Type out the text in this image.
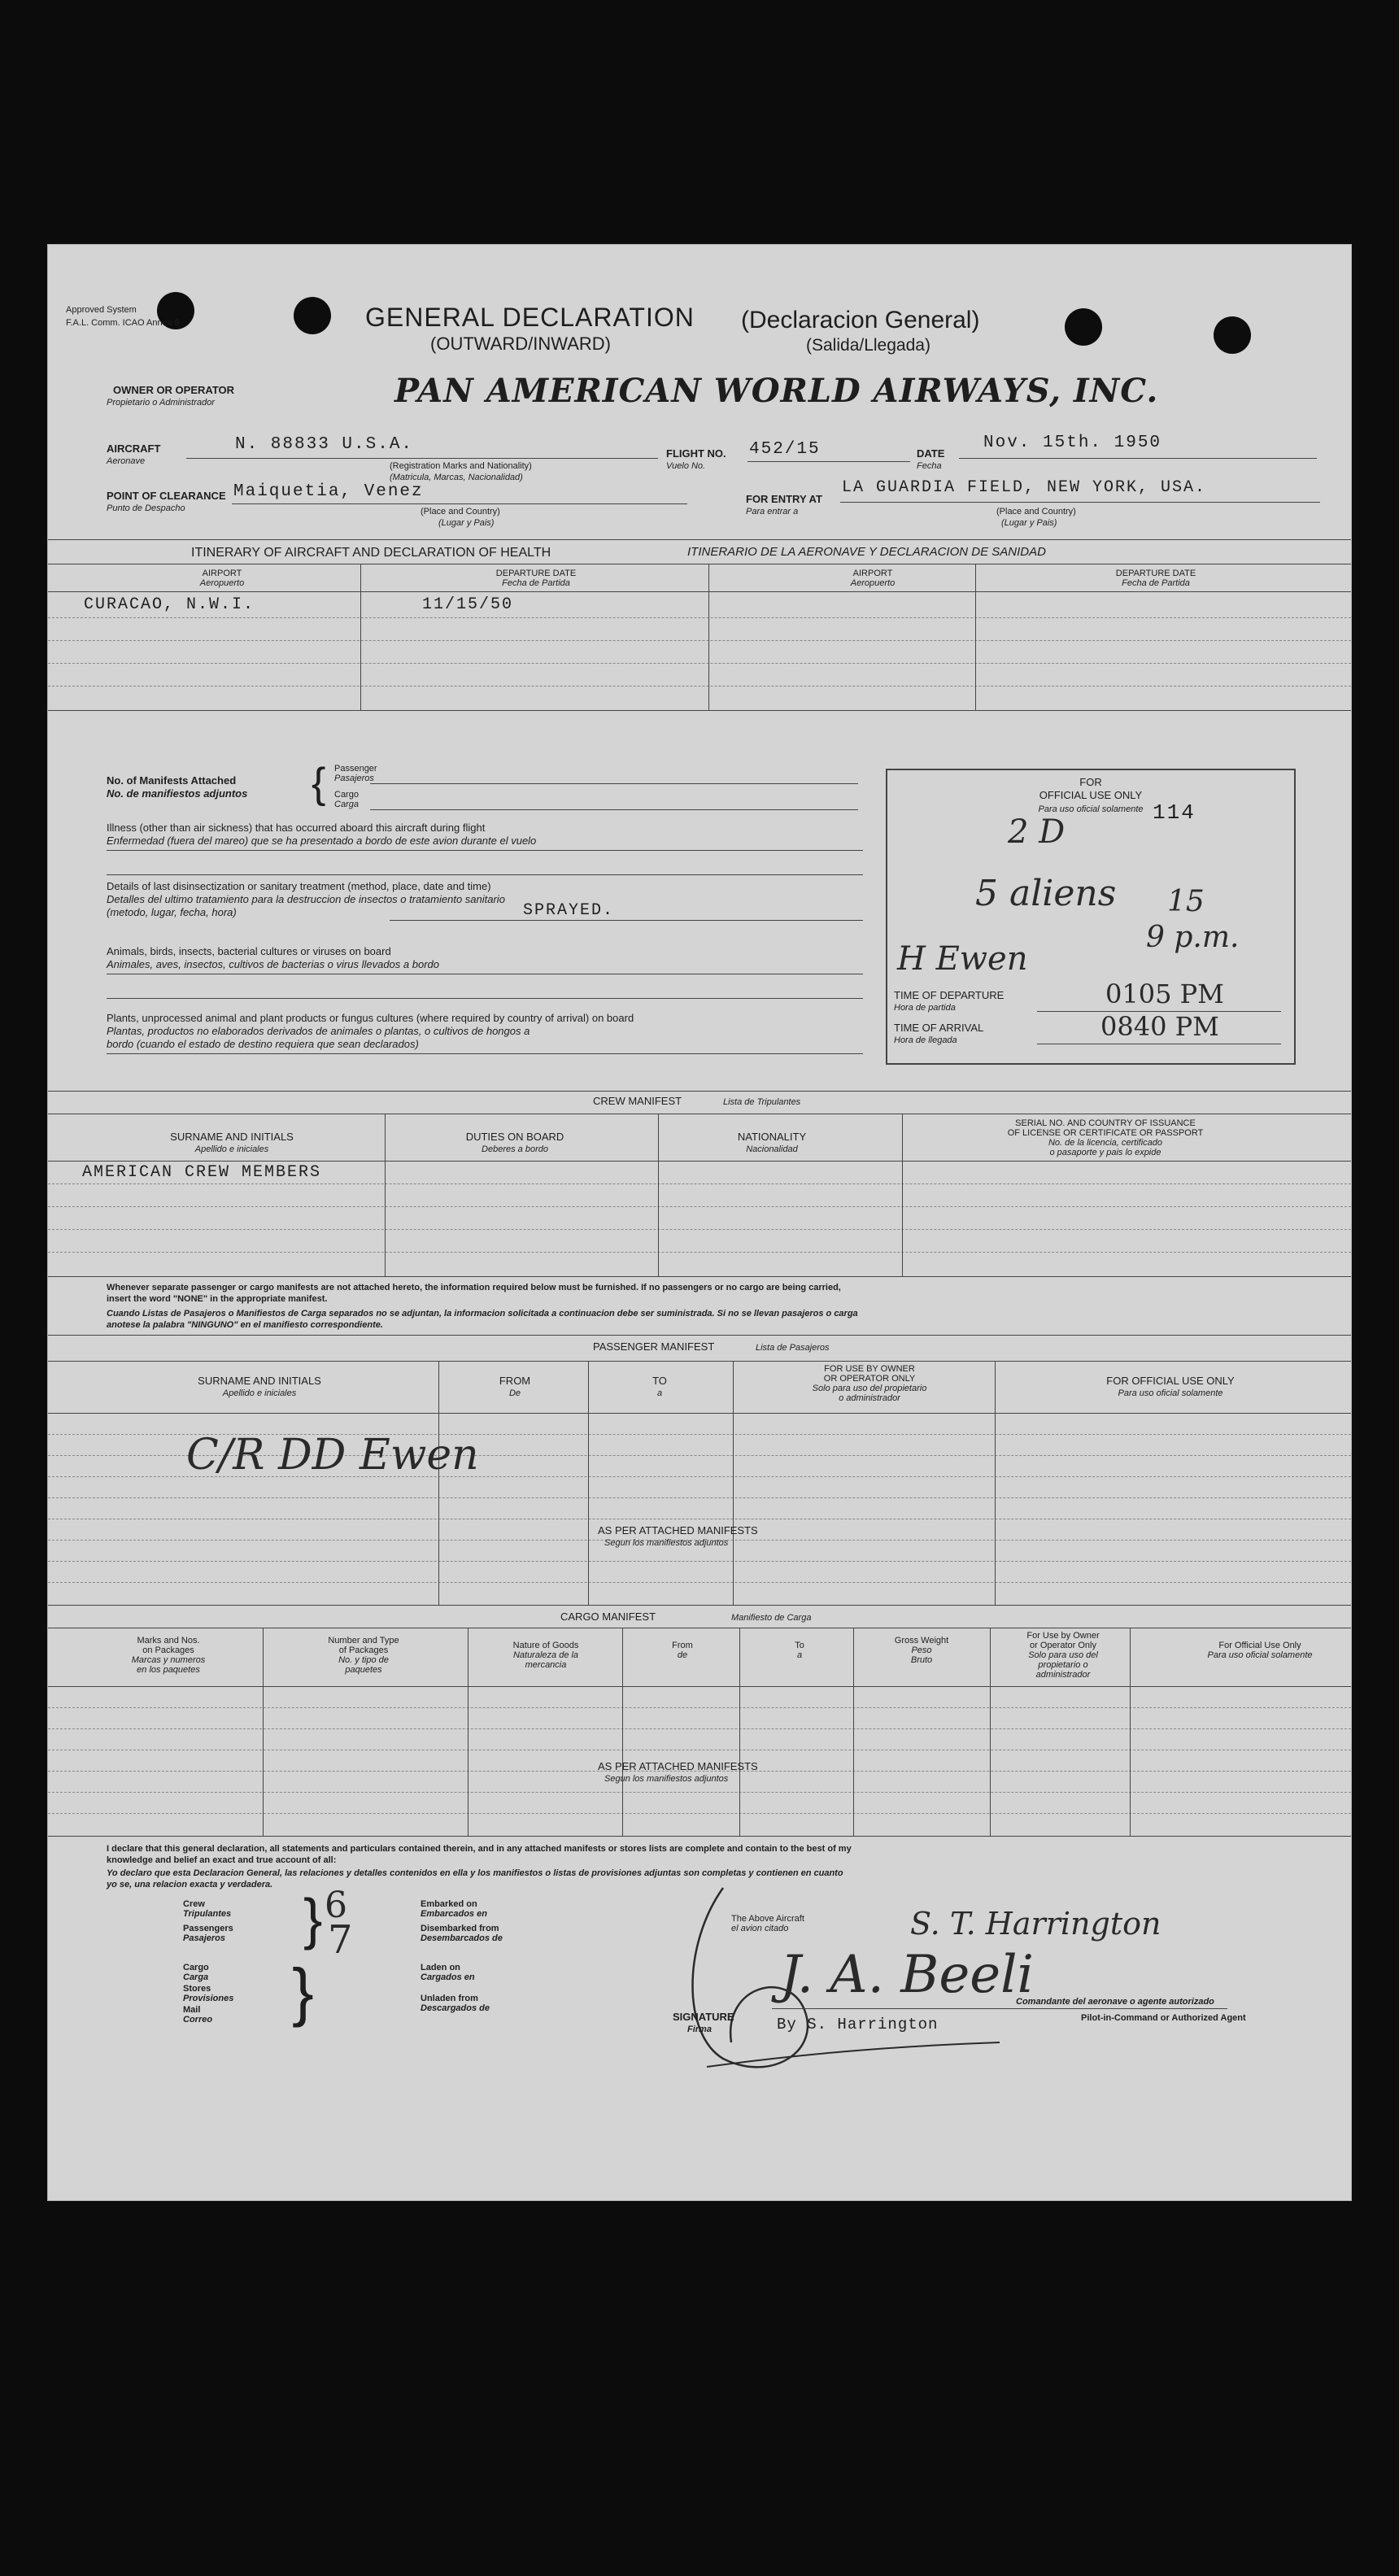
Approved System
F.A.L. Comm. ICAO Annex 9	GENERAL DECLARATION
(OUTWARD/INWARD)
(Declaracion General)
(Salida/Llegada)
OWNER OR OPERATOR
Propietario o Administrador	PAN AMERICAN WORLD AIRWAYS, INC.
AIRCRAFT
Aeronave
N. 88833 U.S.A.
(Registration Marks and Nationality)
(Matricula, Marcas, Nacionalidad)
FLIGHT NO.
Vuelo No.
452/15	DATE
Fecha
Nov. 15th. 1950
POINT OF CLEARANCE
Punto de Despacho
Maiquetia, Venez
(Place and Country)
(Lugar y Pais)
FOR ENTRY AT
Para entrar a
LA GUARDIA FIELD, NEW YORK, USA.
(Place and Country)
(Lugar y Pais)
ITINERARY OF AIRCRAFT AND DECLARATION OF HEALTH	ITINERARIO DE LA AERONAVE Y DECLARACION DE SANIDAD
AIRPORT
Aeropuerto
DEPARTURE DATE
Fecha de Partida
AIRPORT
Aeropuerto
DEPARTURE DATE
Fecha de Partida
CURACAO, N.W.I.	11/15/50
No. of Manifests Attached
No. de manifiestos adjuntos { Passenger
Pasajeros
Cargo
Carga
Illness (other than air sickness) that has occurred aboard this aircraft during flight
Enfermedad (fuera del mareo) que se ha presentado a bordo de este avion durante el vuelo
Details of last disinsectization or sanitary treatment (method, place, date and time)
Detalles del ultimo tratamiento para la destruccion de insectos o tratamiento sanitario
(metodo, lugar, fecha, hora)	SPRAYED.
Animals, birds, insects, bacterial cultures or viruses on board
Animales, aves, insectos, cultivos de bacterias o virus llevados a bordo
Plants, unprocessed animal and plant products or fungus cultures (where required by country of arrival) on board
Plantas, productos no elaborados derivados de animales o plantas, o cultivos de hongos a
bordo (cuando el estado de destino requiera que sean declarados)
FOR
OFFICIAL USE ONLY
Para uso oficial solamente 114
2 D
5 aliens 15
9 p.m.
H Ewen
TIME OF DEPARTURE
Hora de partida	0105 PM
TIME OF ARRIVAL
Hora de llegada	0840 PM
CREW MANIFEST	Lista de Tripulantes
SURNAME AND INITIALS
Apellido e iniciales
DUTIES ON BOARD
Deberes a bordo
NATIONALITY
Nacionalidad
SERIAL NO. AND COUNTRY OF ISSUANCE
OF LICENSE OR CERTIFICATE OR PASSPORT
No. de la licencia, certificado
o pasaporte y pais lo expide
AMERICAN CREW MEMBERS
Whenever separate passenger or cargo manifests are not attached hereto, the information required below must be furnished. If no passengers or no cargo are being carried,
insert the word "NONE" in the appropriate manifest.
Cuando Listas de Pasajeros o Manifiestos de Carga separados no se adjuntan, la informacion solicitada a continuacion debe ser suministrada. Si no se llevan pasajeros o carga
anotese la palabra "NINGUNO" en el manifiesto correspondiente.
PASSENGER MANIFEST	Lista de Pasajeros
SURNAME AND INITIALS
Apellido e iniciales
FROM
De
TO
a
FOR USE BY OWNER
OR OPERATOR ONLY
Solo para uso del propietario
o administrador
FOR OFFICIAL USE ONLY
Para uso oficial solamente
C/R DD Ewen
AS PER ATTACHED MANIFESTS
Segun los manifiestos adjuntos
CARGO MANIFEST	Manifiesto de Carga
Marks and Nos.
on Packages
Marcas y numeros
en los paquetes
Number and Type
of Packages
No. y tipo de
paquetes
Nature of Goods
Naturaleza de la
mercancia
From
de
To
a
Gross Weight
Peso
Bruto
For Use by Owner
or Operator Only
Solo para uso del
propietario o
administrador
For Official Use Only
Para uso oficial solamente
AS PER ATTACHED MANIFESTS
Segun los manifiestos adjuntos
I declare that this general declaration, all statements and particulars contained therein, and in any attached manifests or stores lists are complete and contain to the best of my
knowledge and belief an exact and true account of all:
Yo declaro que esta Declaracion General, las relaciones y detalles contenidos en ella y los manifiestos o listas de provisiones adjuntas son completas y contienen en cuanto
yo se, una relacion exacta y verdadera.
Crew
Tripulantes
Passengers
Pasajeros } 6
7
Embarked on
Embarcados en
Disembarked from
Desembarcados de
Cargo
Carga
Stores
Provisiones
Mail
Correo }	Laden on
Cargados en
Unladen from
Descargados de
The Above Aircraft
el avion citado	S. T. Harrington
J. A. Beeli
SIGNATURE
Firma	By S. Harrington
Comandante del aeronave o agente autorizado
Pilot-in-Command or Authorized Agent
